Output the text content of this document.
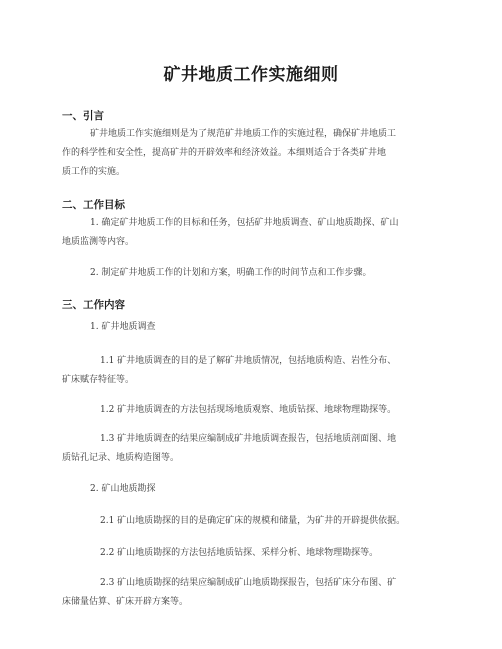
矿井地质工作实施细则
一、引言
矿井地质工作实施细则是为了规范矿井地质工作的实施过程，确保矿井地质工
作的科学性和安全性，提高矿井的开辟效率和经济效益。本细则适合于各类矿井地
质工作的实施。
二、工作目标
1. 确定矿井地质工作的目标和任务，包括矿井地质调查、矿山地质勘探、矿山
地质监测等内容。
2. 制定矿井地质工作的计划和方案，明确工作的时间节点和工作步骤。
三、工作内容
1. 矿井地质调查
1.1 矿井地质调查的目的是了解矿井地质情况，包括地质构造、岩性分布、
矿床赋存特征等。
1.2 矿井地质调查的方法包括现场地质观察、地质钻探、地球物理勘探等。
1.3 矿井地质调查的结果应编制成矿井地质调查报告，包括地质剖面图、地
质钻孔记录、地质构造图等。
2. 矿山地质勘探
2.1 矿山地质勘探的目的是确定矿床的规模和储量，为矿井的开辟提供依据。
2.2 矿山地质勘探的方法包括地质钻探、采样分析、地球物理勘探等。
2.3 矿山地质勘探的结果应编制成矿山地质勘探报告，包括矿床分布图、矿
床储量估算、矿床开辟方案等。
